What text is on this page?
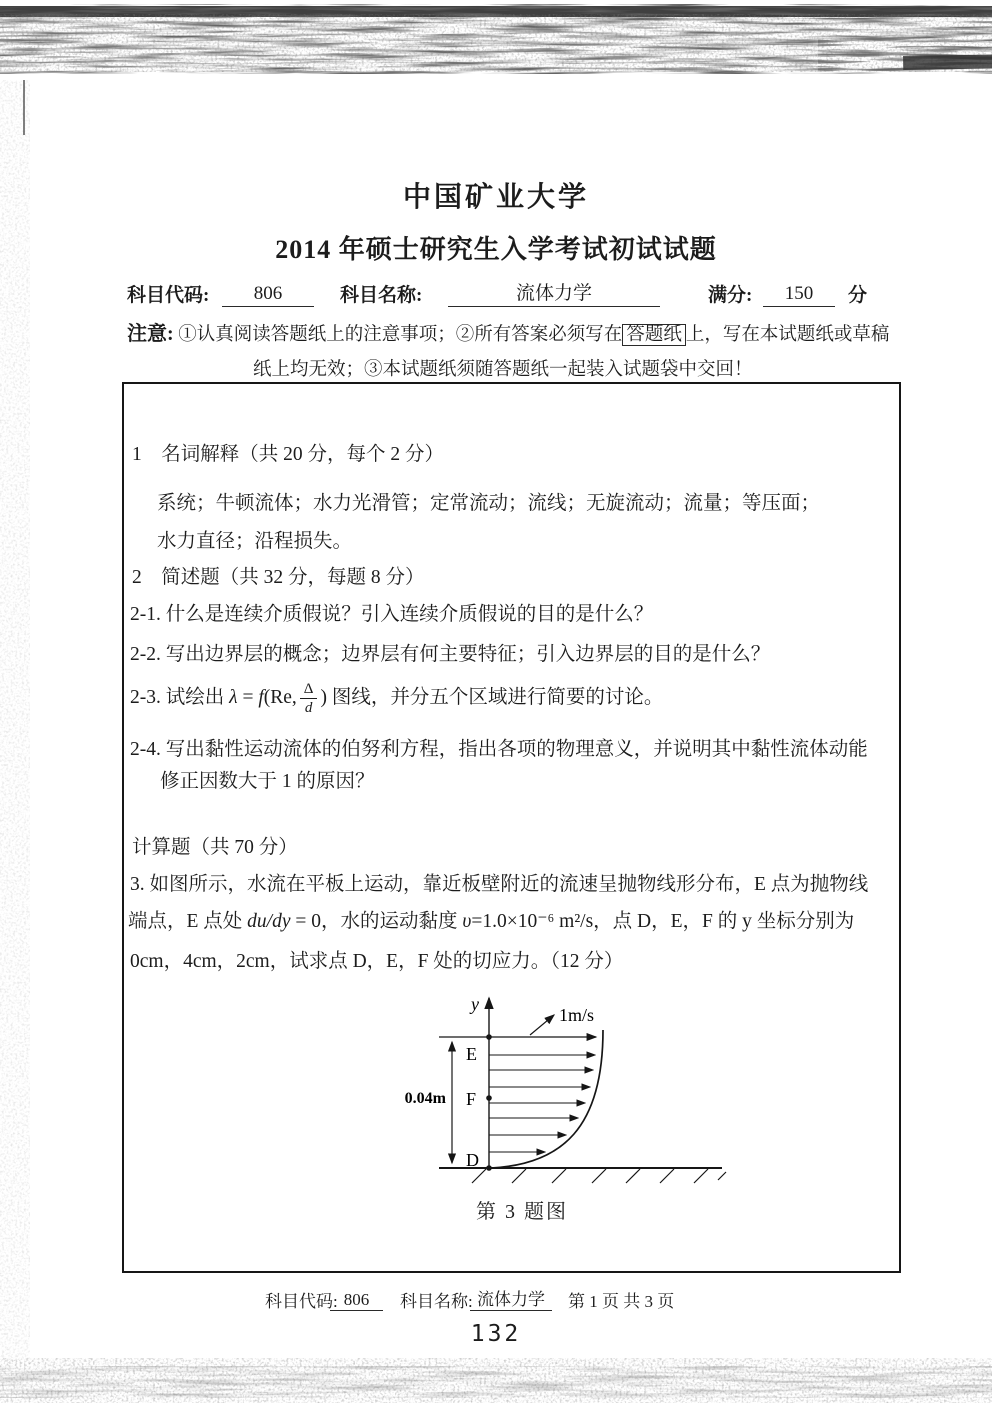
中国矿业大学
2014 年硕士研究生入学考试初试试题
科目代码:	806	科目名称:	流体力学	满分:	150	分
注意: ①认真阅读答题纸上的注意事项；②所有答案必须写在 答题纸 上，写在本试题纸或草稿
纸上均无效；③本试题纸须随答题纸一起装入试题袋中交回！
1　名词解释（共 20 分，每个 2 分）
系统；牛顿流体；水力光滑管；定常流动；流线；无旋流动；流量；等压面；
水力直径；沿程损失。
2　简述题（共 32 分，每题 8 分）
2-1. 什么是连续介质假说？引入连续介质假说的目的是什么？
2-2. 写出边界层的概念；边界层有何主要特征；引入边界层的目的是什么？
2-3. 试绘出 λ = f(Re, $\frac{\Delta}{d}$ ) 图线，并分五个区域进行简要的讨论。
2-4. 写出黏性运动流体的伯努利方程，指出各项的物理意义，并说明其中黏性流体动能
修正因数大于 1 的原因？
计算题（共 70 分）
3. 如图所示，水流在平板上运动，靠近板壁附近的流速呈抛物线形分布，E 点为抛物线
端点，E 点处 du/dy = 0，水的运动黏度 υ=1.0×10⁻⁶ m²/s，点 D，E，F 的 y 坐标分别为
0cm，4cm，2cm，试求点 D，E，F 处的切应力。（12 分）
y
1m/s
0.04m
E
F
D
第 3 题图
科目代码: 806	科目名称: 流体力学	第 1 页 共 3 页
132
